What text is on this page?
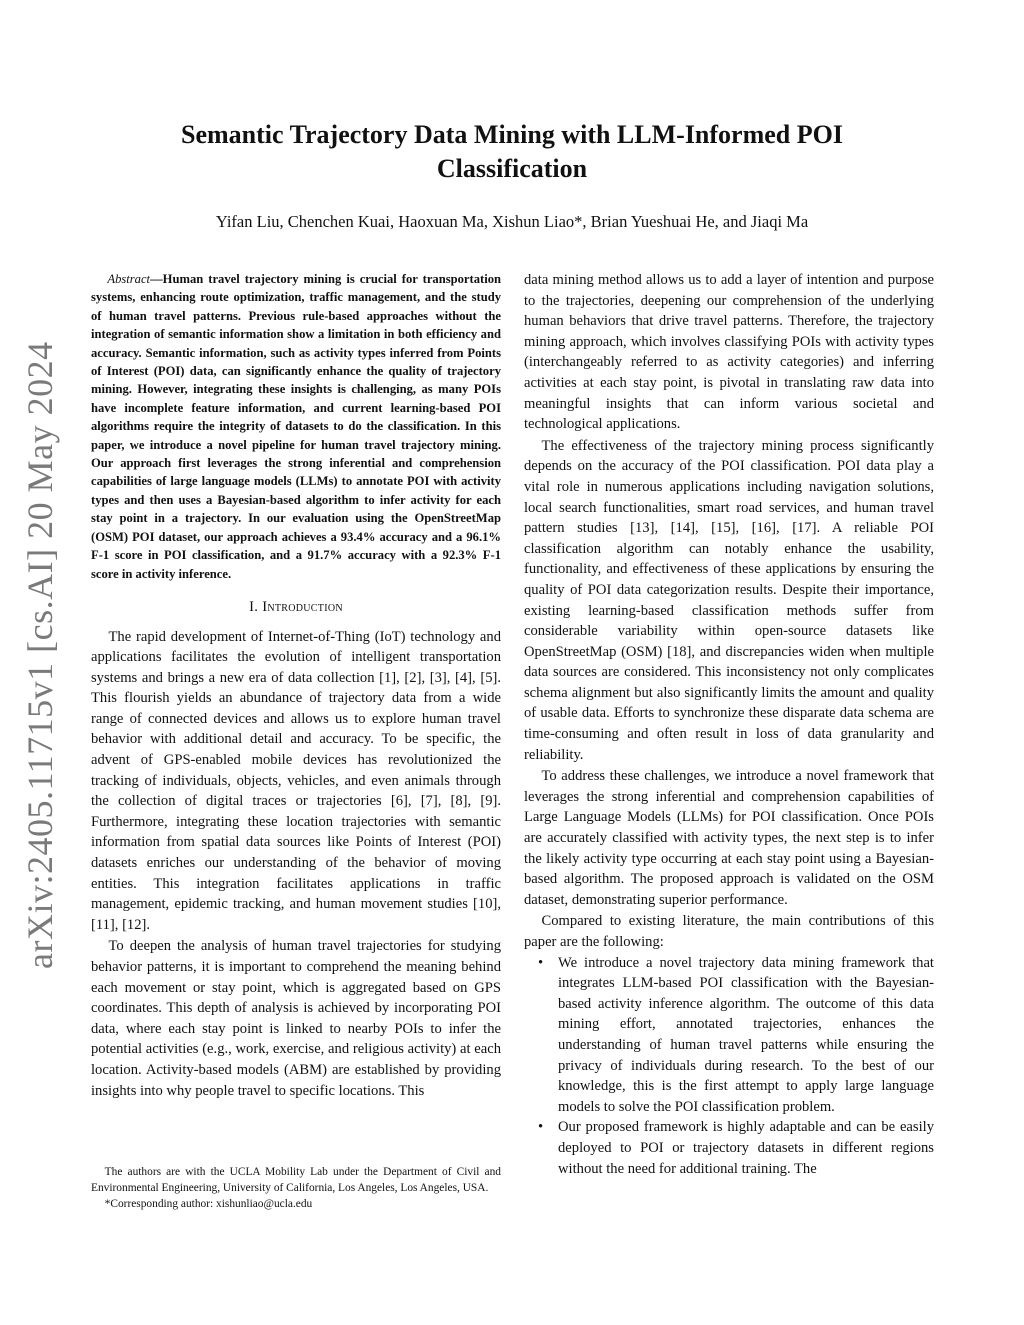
arXiv:2405.11715v1 [cs.AI] 20 May 2024
Semantic Trajectory Data Mining with LLM-Informed POI Classification
Yifan Liu, Chenchen Kuai, Haoxuan Ma, Xishun Liao*, Brian Yueshuai He, and Jiaqi Ma

Abstract—Human travel trajectory mining is crucial for transportation systems, enhancing route optimization, traffic management, and the study of human travel patterns. Previous rule-based approaches without the integration of semantic information show a limitation in both efficiency and accuracy. Semantic information, such as activity types inferred from Points of Interest (POI) data, can significantly enhance the quality of trajectory mining. However, integrating these insights is challenging, as many POIs have incomplete feature information, and current learning-based POI algorithms require the integrity of datasets to do the classification. In this paper, we introduce a novel pipeline for human travel trajectory mining. Our approach first leverages the strong inferential and comprehension capabilities of large language models (LLMs) to annotate POI with activity types and then uses a Bayesian-based algorithm to infer activity for each stay point in a trajectory. In our evaluation using the OpenStreetMap (OSM) POI dataset, our approach achieves a 93.4% accuracy and a 96.1% F-1 score in POI classification, and a 91.7% accuracy with a 92.3% F-1 score in activity inference.

I. Introduction

The rapid development of Internet-of-Thing (IoT) technology and applications facilitates the evolution of intelligent transportation systems and brings a new era of data collection [1], [2], [3], [4], [5]. This flourish yields an abundance of trajectory data from a wide range of connected devices and allows us to explore human travel behavior with additional detail and accuracy. To be specific, the advent of GPS-enabled mobile devices has revolutionized the tracking of individuals, objects, vehicles, and even animals through the collection of digital traces or trajectories [6], [7], [8], [9]. Furthermore, integrating these location trajectories with semantic information from spatial data sources like Points of Interest (POI) datasets enriches our understanding of the behavior of moving entities. This integration facilitates applications in traffic management, epidemic tracking, and human movement studies [10], [11], [12].

To deepen the analysis of human travel trajectories for studying behavior patterns, it is important to comprehend the meaning behind each movement or stay point, which is aggregated based on GPS coordinates. This depth of analysis is achieved by incorporating POI data, where each stay point is linked to nearby POIs to infer the potential activities (e.g., work, exercise, and religious activity) at each location. Activity-based models (ABM) are established by providing insights into why people travel to specific locations. This

data mining method allows us to add a layer of intention and purpose to the trajectories, deepening our comprehension of the underlying human behaviors that drive travel patterns. Therefore, the trajectory mining approach, which involves classifying POIs with activity types (interchangeably referred to as activity categories) and inferring activities at each stay point, is pivotal in translating raw data into meaningful insights that can inform various societal and technological applications.

The effectiveness of the trajectory mining process significantly depends on the accuracy of the POI classification. POI data play a vital role in numerous applications including navigation solutions, local search functionalities, smart road services, and human travel pattern studies [13], [14], [15], [16], [17]. A reliable POI classification algorithm can notably enhance the usability, functionality, and effectiveness of these applications by ensuring the quality of POI data categorization results. Despite their importance, existing learning-based classification methods suffer from considerable variability within open-source datasets like OpenStreetMap (OSM) [18], and discrepancies widen when multiple data sources are considered. This inconsistency not only complicates schema alignment but also significantly limits the amount and quality of usable data. Efforts to synchronize these disparate data schema are time-consuming and often result in loss of data granularity and reliability.

To address these challenges, we introduce a novel framework that leverages the strong inferential and comprehension capabilities of Large Language Models (LLMs) for POI classification. Once POIs are accurately classified with activity types, the next step is to infer the likely activity type occurring at each stay point using a Bayesian-based algorithm. The proposed approach is validated on the OSM dataset, demonstrating superior performance.

Compared to existing literature, the main contributions of this paper are the following:

• We introduce a novel trajectory data mining framework that integrates LLM-based POI classification with the Bayesian-based activity inference algorithm. The outcome of this data mining effort, annotated trajectories, enhances the understanding of human travel patterns while ensuring the privacy of individuals during research. To the best of our knowledge, this is the first attempt to apply large language models to solve the POI classification problem.
• Our proposed framework is highly adaptable and can be easily deployed to POI or trajectory datasets in different regions without the need for additional training. The

The authors are with the UCLA Mobility Lab under the Department of Civil and Environmental Engineering, University of California, Los Angeles, Los Angeles, USA.

*Corresponding author: xishunliao@ucla.edu
